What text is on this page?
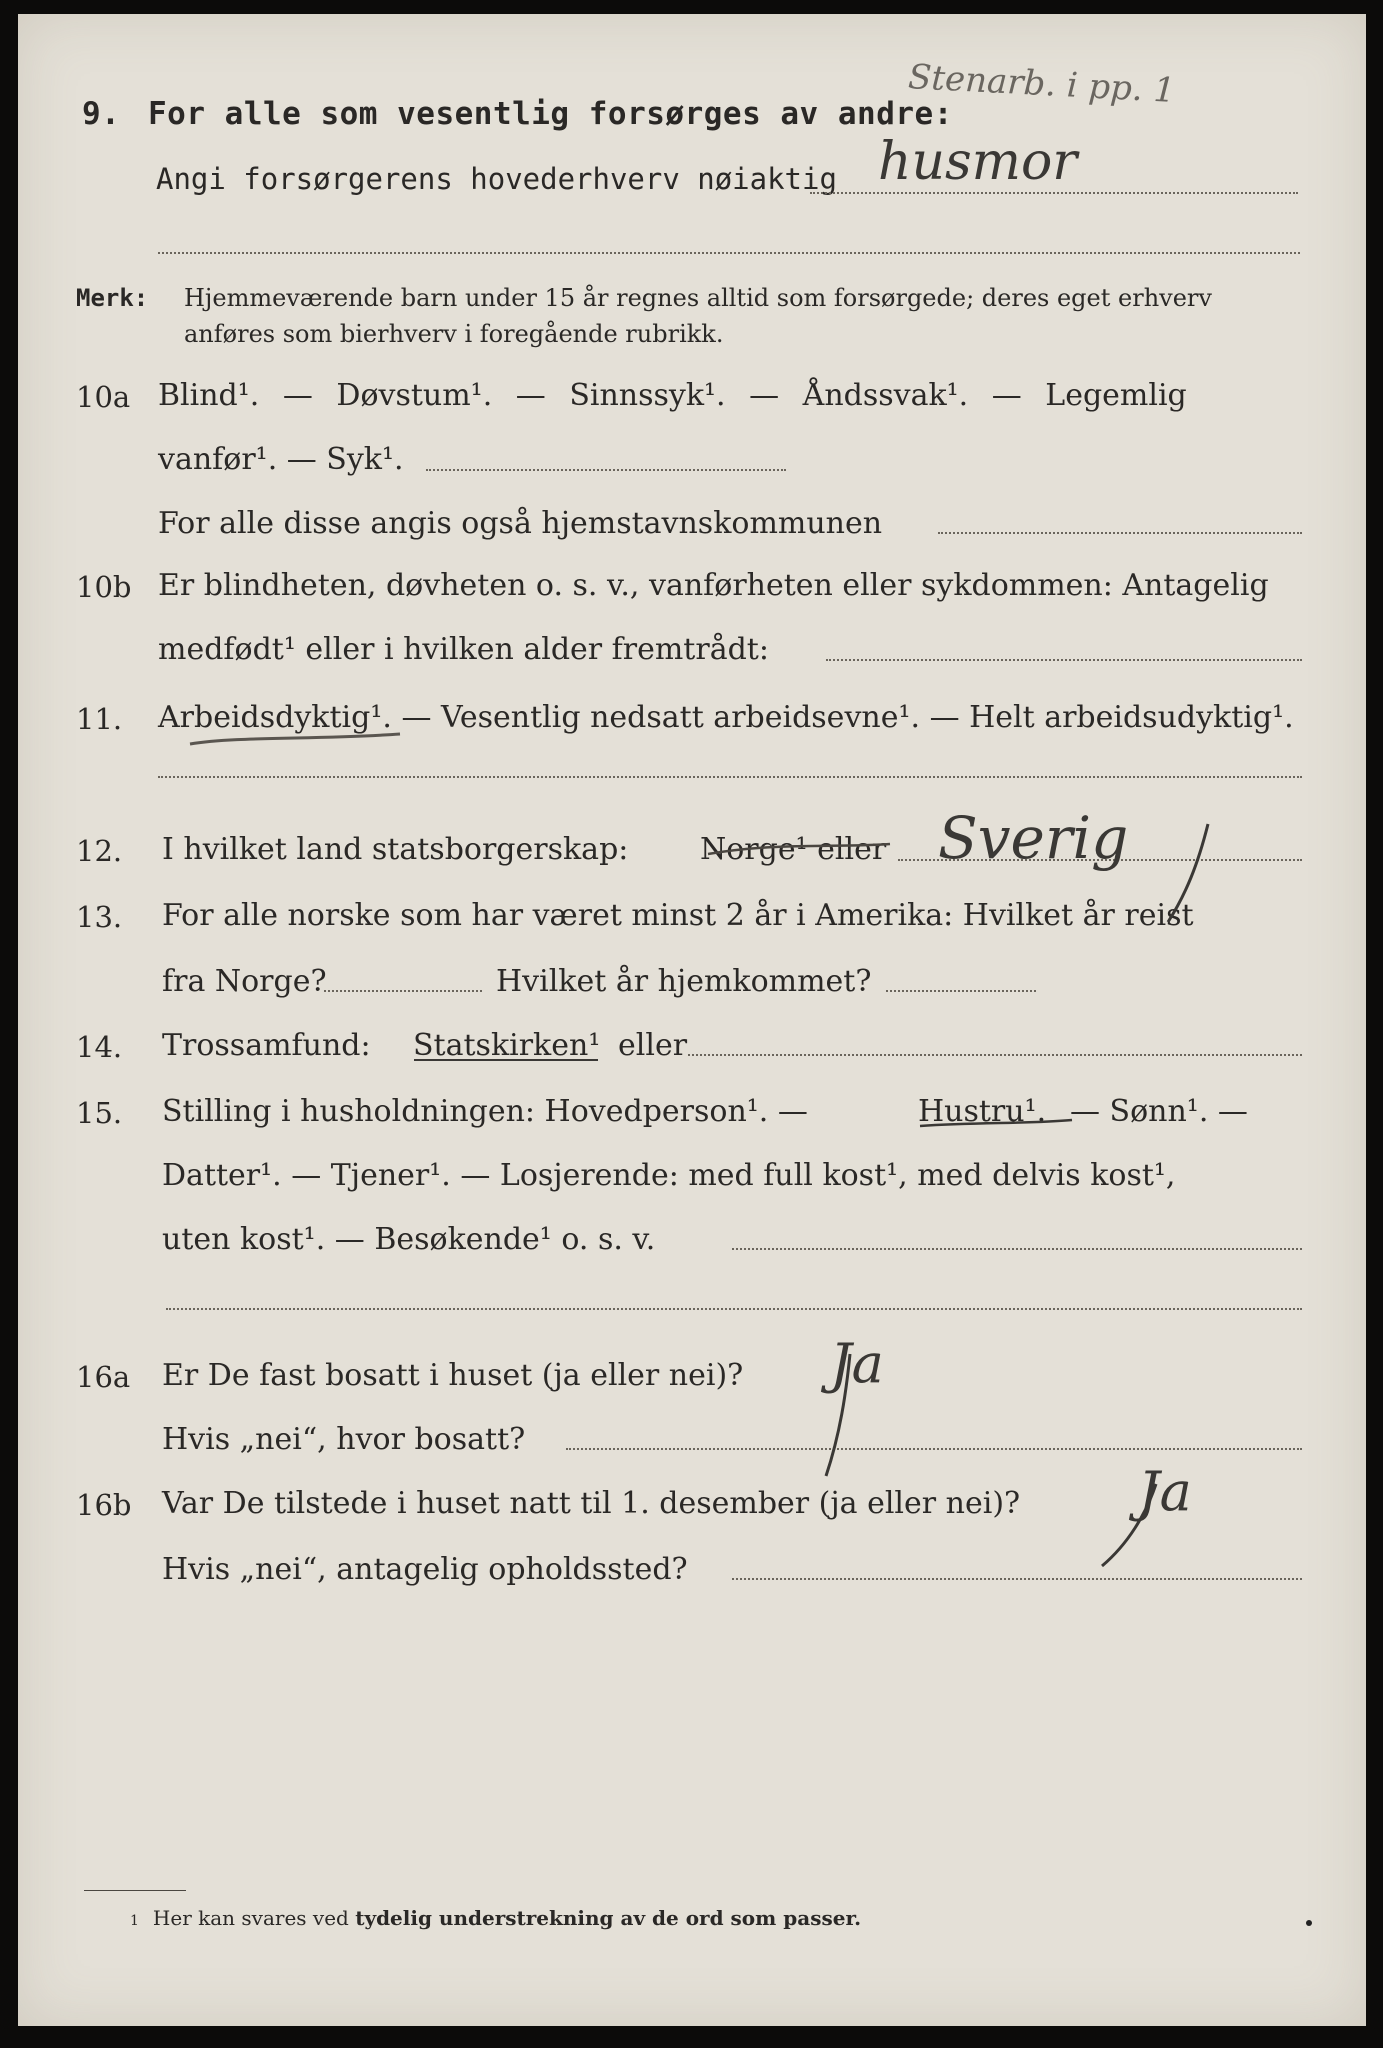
9. For alle som vesentlig forsørges av andre:
Angi forsørgerens hovederhverv nøiaktig husmor
Stenarb. i pp. 1
Merk: Hjemmeværende barn under 15 år regnes alltid som forsørgede; deres eget erhverv
anføres som bierhverv i foregående rubrikk.
10a Blind¹. — Døvstum¹. — Sinnssyk¹. — Åndssvak¹. — Legemlig
vanfør¹. — Syk¹.
For alle disse angis også hjemstavnskommunen
10b Er blindheten, døvheten o. s. v., vanførheten eller sykdommen: Antagelig
medfødt¹ eller i hvilken alder fremtrådt:
11. Arbeidsdyktig¹. — Vesentlig nedsatt arbeidsevne¹. — Helt arbeidsudyktig¹.
12. I hvilket land statsborgerskap: Norge¹ eller Sverig
13. For alle norske som har været minst 2 år i Amerika: Hvilket år reist
fra Norge?	Hvilket år hjemkommet?
14. Trossamfund: Statskirken¹ eller
15. Stilling i husholdningen: Hovedperson¹. —	Hustru¹. — Sønn¹. —
Datter¹. — Tjener¹. — Losjerende: med full kost¹, med delvis kost¹,
uten kost¹. — Besøkende¹ o. s. v.
16a Er De fast bosatt i huset (ja eller nei)? Ja
Hvis „nei“, hvor bosatt?
16b Var De tilstede i huset natt til 1. desember (ja eller nei)? Ja
Hvis „nei“, antagelig opholdssted?
1 Her kan svares ved tydelig understrekning av de ord som passer.
